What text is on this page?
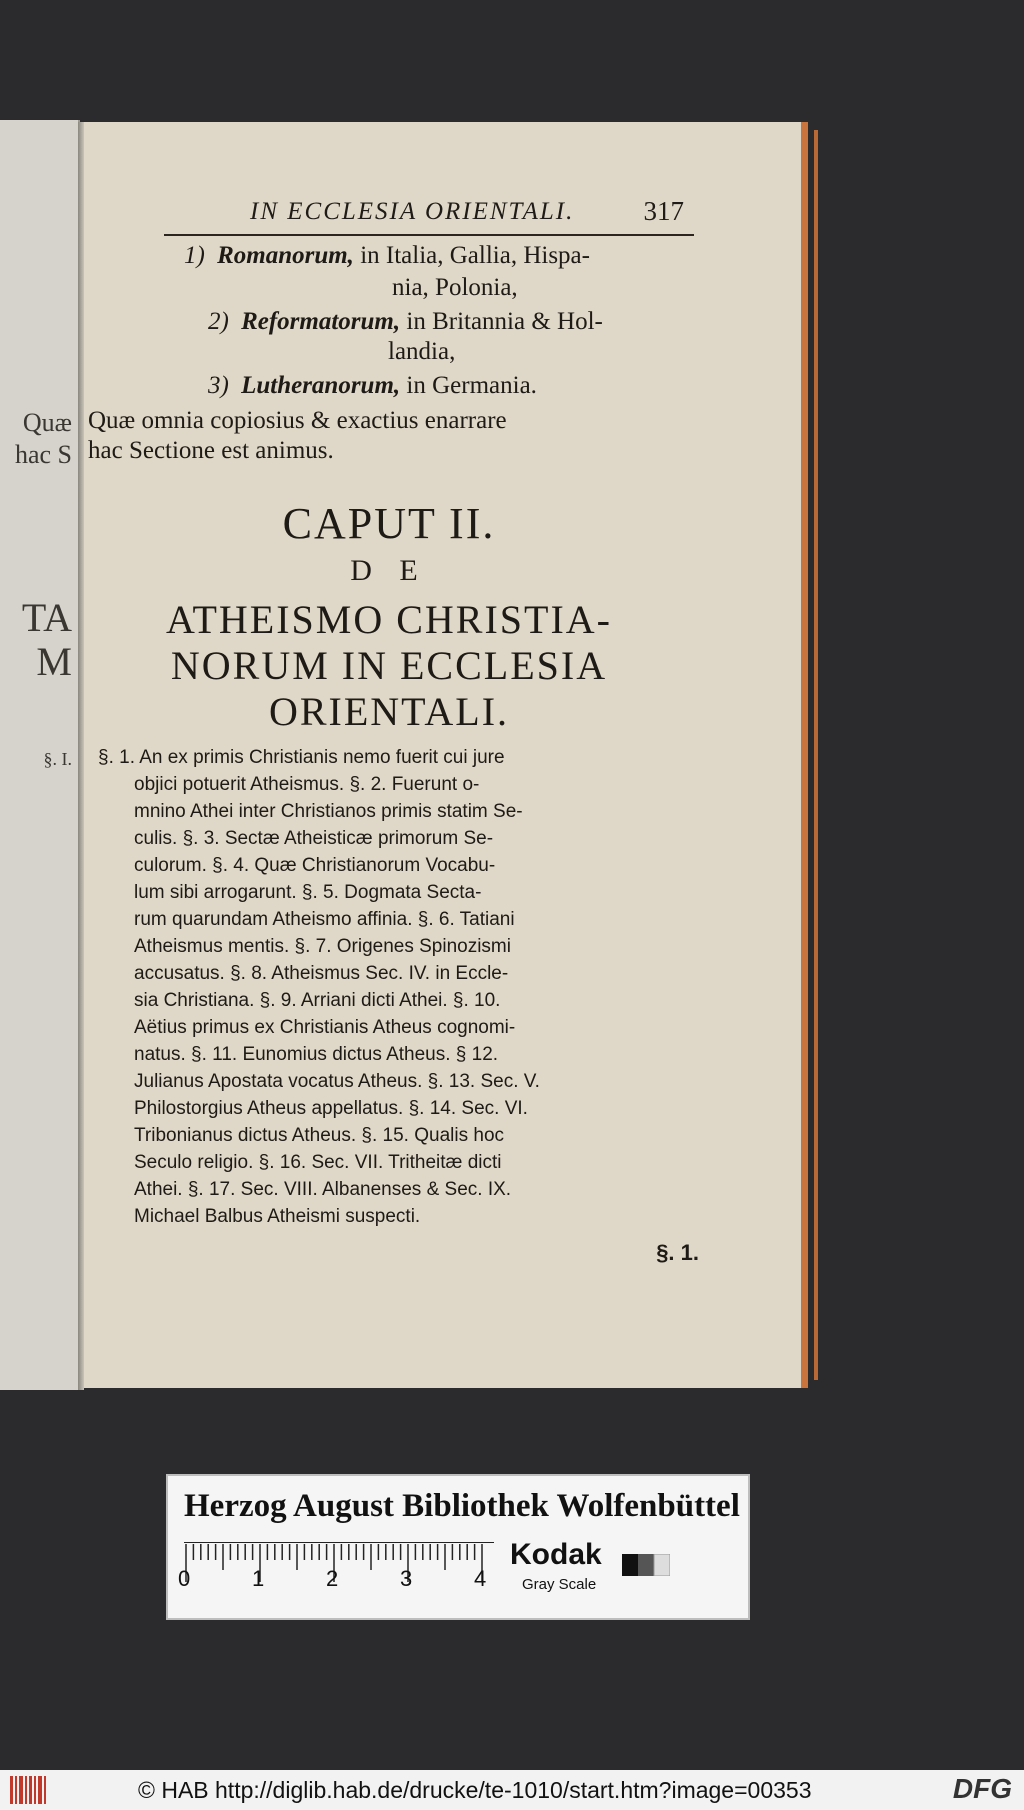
Quæ
hac S
TA
M
§. I.
IN ECCLESIA ORIENTALI.	317
1) Romanorum, in Italia, Gallia, Hispa-
nia, Polonia,
2) Reformatorum, in Britannia & Hol-
landia,
3) Lutheranorum, in Germania.
Quæ omnia copiosius & exactius enarrare
hac Sectione est animus.
CAPUT II.
D E
ATHEISMO CHRISTIA-
NORUM IN ECCLESIA
ORIENTALI.
§. 1. An ex primis Christianis nemo fuerit cui jure
objici potuerit Atheismus. §. 2. Fuerunt o-
mnino Athei inter Christianos primis statim Se-
culis. §. 3. Sectæ Atheisticæ primorum Se-
culorum. §. 4. Quæ Christianorum Vocabu-
lum sibi arrogarunt. §. 5. Dogmata Secta-
rum quarundam Atheismo affinia. §. 6. Tatiani
Atheismus mentis. §. 7. Origenes Spinozismi
accusatus. §. 8. Atheismus Sec. IV. in Eccle-
sia Christiana. §. 9. Arriani dicti Athei. §. 10.
Aëtius primus ex Christianis Atheus cognomi-
natus. §. 11. Eunomius dictus Atheus. § 12.
Julianus Apostata vocatus Atheus. §. 13. Sec. V.
Philostorgius Atheus appellatus. §. 14. Sec. VI.
Tribonianus dictus Atheus. §. 15. Qualis hoc
Seculo religio. §. 16. Sec. VII. Tritheitæ dicti
Athei. §. 17. Sec. VIII. Albanenses & Sec. IX.
Michael Balbus Atheismi suspecti.
§. 1.
Herzog August Bibliothek Wolfenbüttel
0	1	2	3	4
Kodak
Gray Scale
© HAB http://diglib.hab.de/drucke/te-1010/start.htm?image=00353	DFG
